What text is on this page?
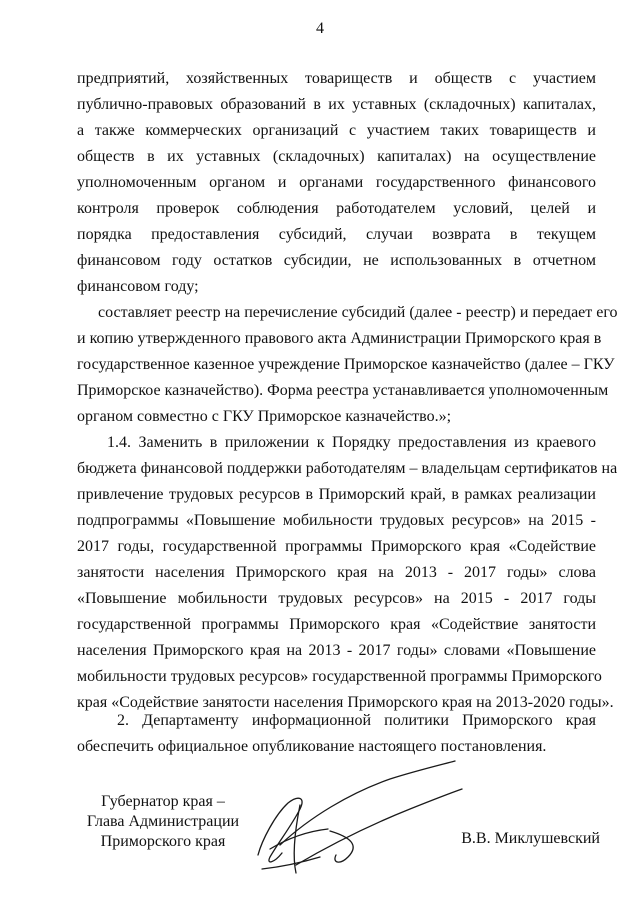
4
предприятий, хозяйственных товариществ и обществ с участием
публично-правовых образований в их уставных (складочных) капиталах,
а также коммерческих организаций с участием таких товариществ и
обществ в их уставных (складочных) капиталах) на осуществление
уполномоченным органом и органами государственного финансового
контроля проверок соблюдения работодателем условий, целей и
порядка предоставления субсидий, случаи возврата в текущем
финансовом году остатков субсидии, не использованных в отчетном
финансовом году;
составляет реестр на перечисление субсидий (далее - реестр) и передает его
и копию утвержденного правового акта Администрации Приморского края в
государственное казенное учреждение Приморское казначейство (далее – ГКУ
Приморское казначейство). Форма реестра устанавливается уполномоченным
органом совместно с ГКУ Приморское казначейство.»;
1.4. Заменить в приложении к Порядку предоставления из краевого
бюджета финансовой поддержки работодателям – владельцам сертификатов на
привлечение трудовых ресурсов в Приморский край, в рамках реализации
подпрограммы «Повышение мобильности трудовых ресурсов» на 2015 -
2017 годы, государственной программы Приморского края «Содействие
занятости населения Приморского края на 2013 - 2017 годы» слова
«Повышение мобильности трудовых ресурсов» на 2015 - 2017 годы
государственной программы Приморского края «Содействие занятости
населения Приморского края на 2013 - 2017 годы» словами «Повышение
мобильности трудовых ресурсов» государственной программы Приморского
края «Содействие занятости населения Приморского края на 2013-2020 годы».
2. Департаменту информационной политики Приморского края
обеспечить официальное опубликование настоящего постановления.
Губернатор края –
Глава Администрации
Приморского края	В.В. Миклушевский
